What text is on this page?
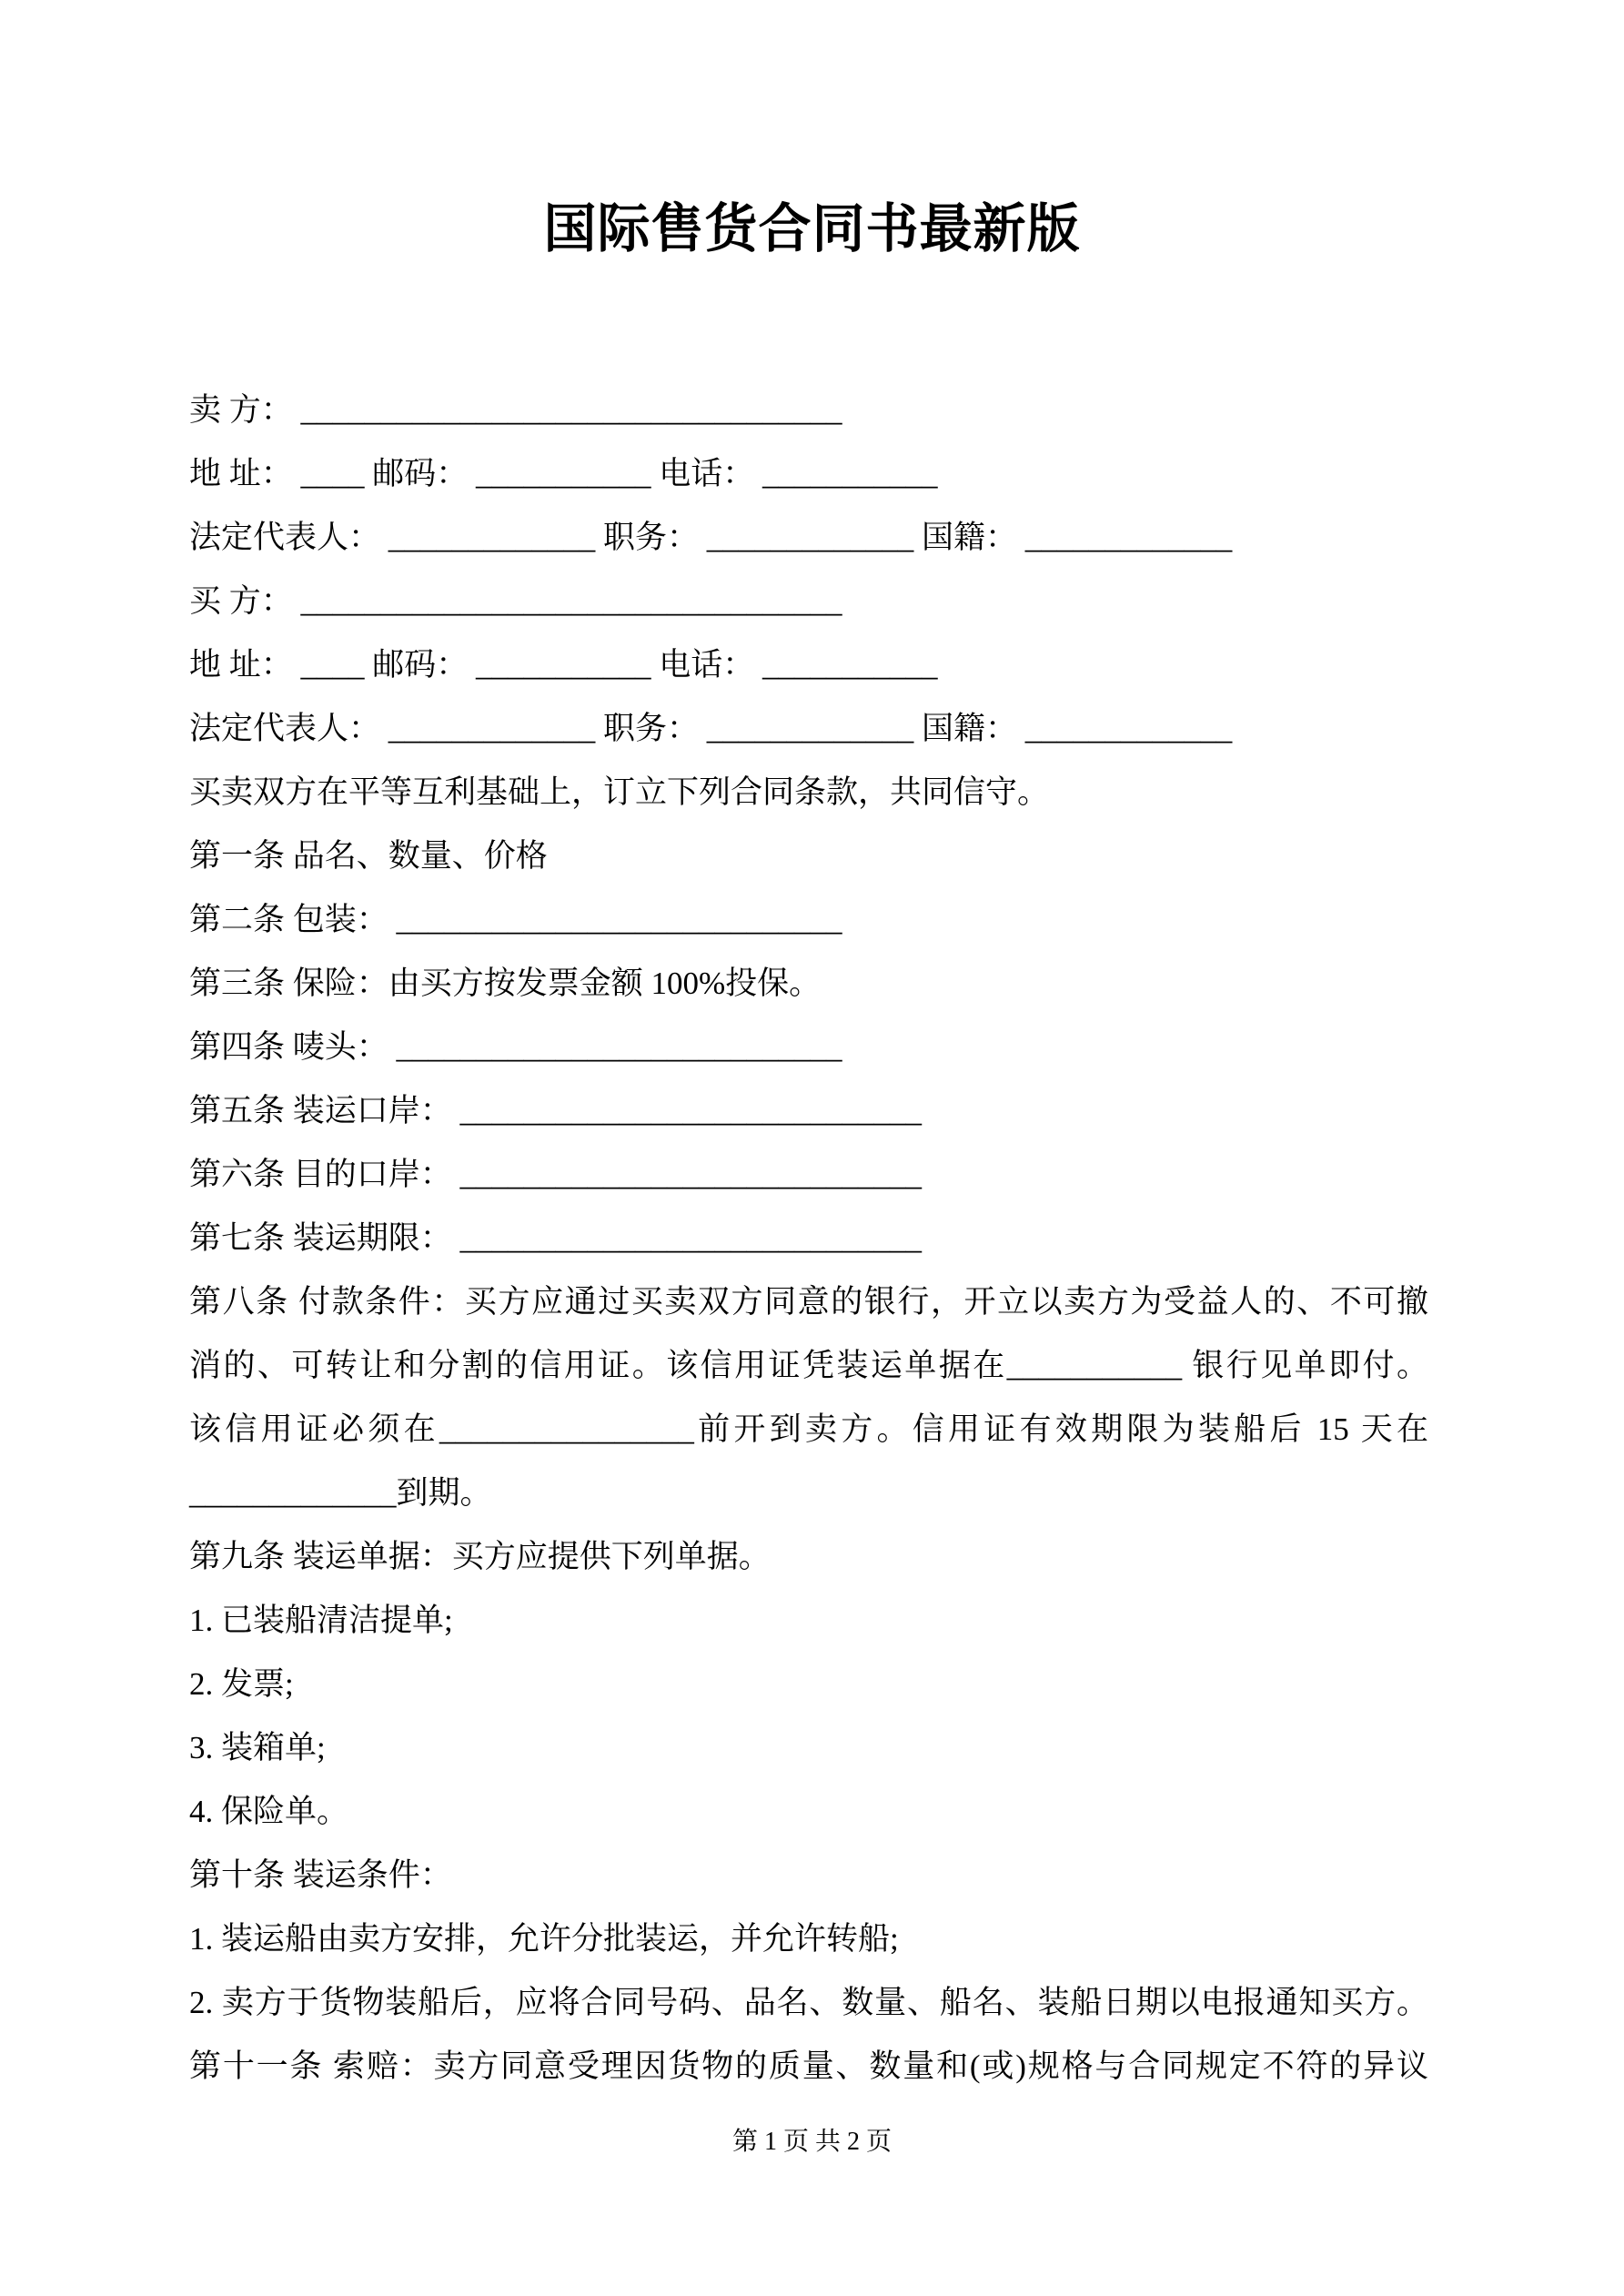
国际售货合同书最新版

卖 方： __________________________________

地 址： ____ 邮码： ___________ 电话： ___________

法定代表人： _____________ 职务： _____________ 国籍： _____________

买 方： __________________________________

地 址： ____ 邮码： ___________ 电话： ___________

法定代表人： _____________ 职务： _____________ 国籍： _____________

买卖双方在平等互利基础上，订立下列合同条款，共同信守。

第一条 品名、数量、价格

第二条 包装： ____________________________

第三条 保险：由买方按发票金额 100%投保。

第四条 唛头： ____________________________

第五条 装运口岸： _____________________________

第六条 目的口岸： _____________________________

第七条 装运期限： _____________________________

第八条 付款条件：买方应通过买卖双方同意的银行，开立以卖方为受益人的、不可撤

消的、可转让和分割的信用证。该信用证凭装运单据在___________ 银行见单即付。

该信用证必须在________________前开到卖方。信用证有效期限为装船后 15 天在

_____________到期。

第九条 装运单据：买方应提供下列单据。

1. 已装船清洁提单;

2. 发票;

3. 装箱单;

4. 保险单。

第十条 装运条件：

1. 装运船由卖方安排，允许分批装运，并允许转船;

2. 卖方于货物装船后，应将合同号码、品名、数量、船名、装船日期以电报通知买方。

第十一条 索赔：卖方同意受理因货物的质量、数量和(或)规格与合同规定不符的异议

第 1 页 共 2 页
